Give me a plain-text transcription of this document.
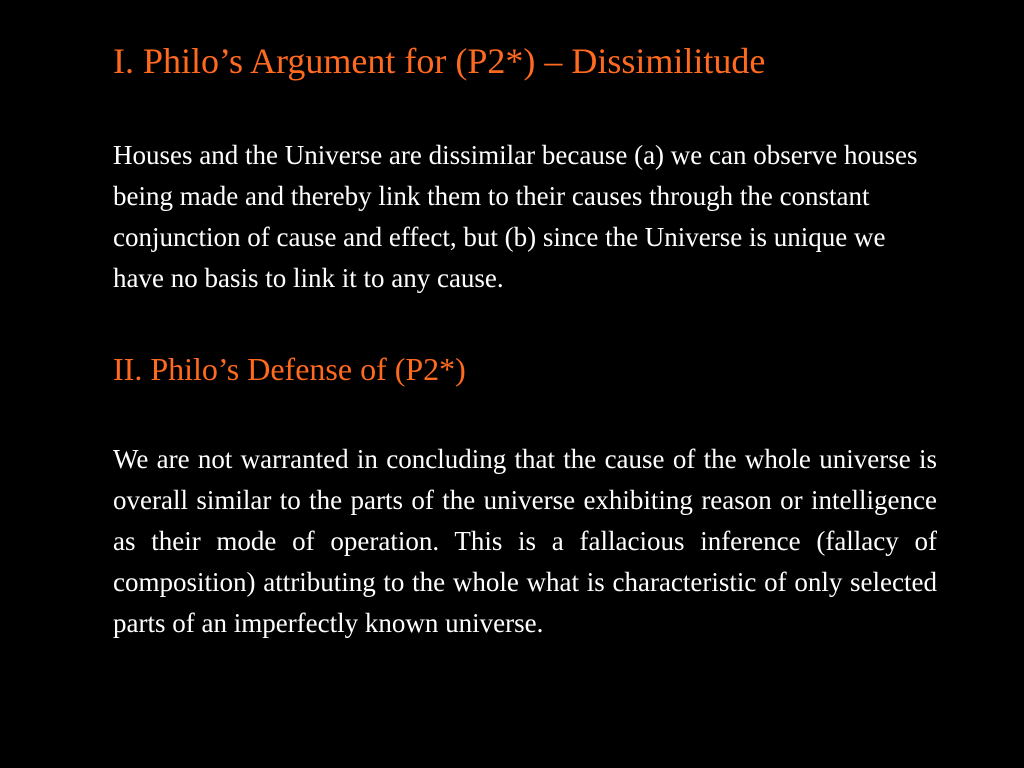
I. Philo’s Argument for (P2*) – Dissimilitude

Houses and the Universe are dissimilar because (a) we can observe houses being made and thereby link them to their causes through the constant conjunction of cause and effect, but (b) since the Universe is unique we have no basis to link it to any cause.

II. Philo’s Defense of (P2*)

We are not warranted in concluding that the cause of the whole universe is overall similar to the parts of the universe exhibiting reason or intelligence as their mode of operation. This is a fallacious inference (fallacy of composition) attributing to the whole what is characteristic of only selected parts of an imperfectly known universe.
